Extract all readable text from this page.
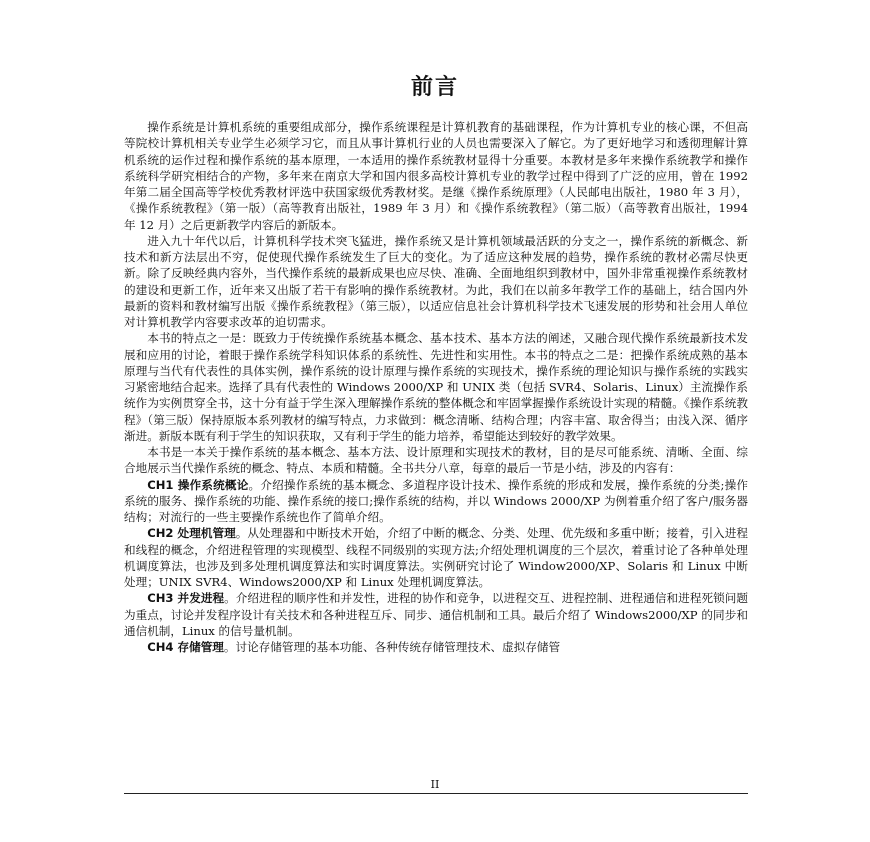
前言

操作系统是计算机系统的重要组成部分，操作系统课程是计算机教育的基础课程，作为计算机专业的核心课，不但高等院校计算机相关专业学生必须学习它，而且从事计算机行业的人员也需要深入了解它。为了更好地学习和透彻理解计算机系统的运作过程和操作系统的基本原理，一本适用的操作系统教材显得十分重要。本教材是多年来操作系统教学和操作系统科学研究相结合的产物，多年来在南京大学和国内很多高校计算机专业的教学过程中得到了广泛的应用，曾在 1992 年第二届全国高等学校优秀教材评选中获国家级优秀教材奖。是继《操作系统原理》（人民邮电出版社，1980 年 3 月），《操作系统教程》（第一版）（高等教育出版社，1989 年 3 月）和《操作系统教程》（第二版）（高等教育出版社，1994 年 12 月）之后更新教学内容后的新版本。

进入九十年代以后，计算机科学技术突飞猛进，操作系统又是计算机领域最活跃的分支之一，操作系统的新概念、新技术和新方法层出不穷，促使现代操作系统发生了巨大的变化。为了适应这种发展的趋势，操作系统的教材必需尽快更新。除了反映经典内容外，当代操作系统的最新成果也应尽快、准确、全面地组织到教材中，国外非常重视操作系统教材的建设和更新工作，近年来又出版了若干有影响的操作系统教材。为此，我们在以前多年教学工作的基础上，结合国内外最新的资料和教材编写出版《操作系统教程》（第三版），以适应信息社会计算机科学技术飞速发展的形势和社会用人单位对计算机教学内容要求改革的迫切需求。

本书的特点之一是：既致力于传统操作系统基本概念、基本技术、基本方法的阐述，又融合现代操作系统最新技术发展和应用的讨论，着眼于操作系统学科知识体系的系统性、先进性和实用性。本书的特点之二是：把操作系统成熟的基本原理与当代有代表性的具体实例，操作系统的设计原理与操作系统的实现技术，操作系统的理论知识与操作系统的实践实习紧密地结合起来。选择了具有代表性的 Windows 2000/XP 和 UNIX 类（包括 SVR4、Solaris、Linux）主流操作系统作为实例贯穿全书，这十分有益于学生深入理解操作系统的整体概念和牢固掌握操作系统设计实现的精髓。《操作系统教程》（第三版）保持原版本系列教材的编写特点，力求做到：概念清晰、结构合理；内容丰富、取舍得当；由浅入深、循序渐进。新版本既有利于学生的知识获取，又有利于学生的能力培养，希望能达到较好的教学效果。

本书是一本关于操作系统的基本概念、基本方法、设计原理和实现技术的教材，目的是尽可能系统、清晰、全面、综合地展示当代操作系统的概念、特点、本质和精髓。全书共分八章，每章的最后一节是小结，涉及的内容有：

CH1 操作系统概论。介绍操作系统的基本概念、多道程序设计技术、操作系统的形成和发展，操作系统的分类;操作系统的服务、操作系统的功能、操作系统的接口;操作系统的结构，并以 Windows 2000/XP 为例着重介绍了客户/服务器结构；对流行的一些主要操作系统也作了简单介绍。

CH2 处理机管理。从处理器和中断技术开始，介绍了中断的概念、分类、处理、优先级和多重中断；接着，引入进程和线程的概念，介绍进程管理的实现模型、线程不同级别的实现方法;介绍处理机调度的三个层次，着重讨论了各种单处理机调度算法，也涉及到多处理机调度算法和实时调度算法。实例研究讨论了 Window2000/XP、Solaris 和 Linux 中断处理；UNIX SVR4、Windows2000/XP 和 Linux 处理机调度算法。

CH3 并发进程。介绍进程的顺序性和并发性，进程的协作和竞争，以进程交互、进程控制、进程通信和进程死锁问题为重点，讨论并发程序设计有关技术和各种进程互斥、同步、通信机制和工具。最后介绍了 Windows2000/XP 的同步和通信机制，Linux 的信号量机制。

CH4 存储管理。讨论存储管理的基本功能、各种传统存储管理技术、虚拟存储管

II
